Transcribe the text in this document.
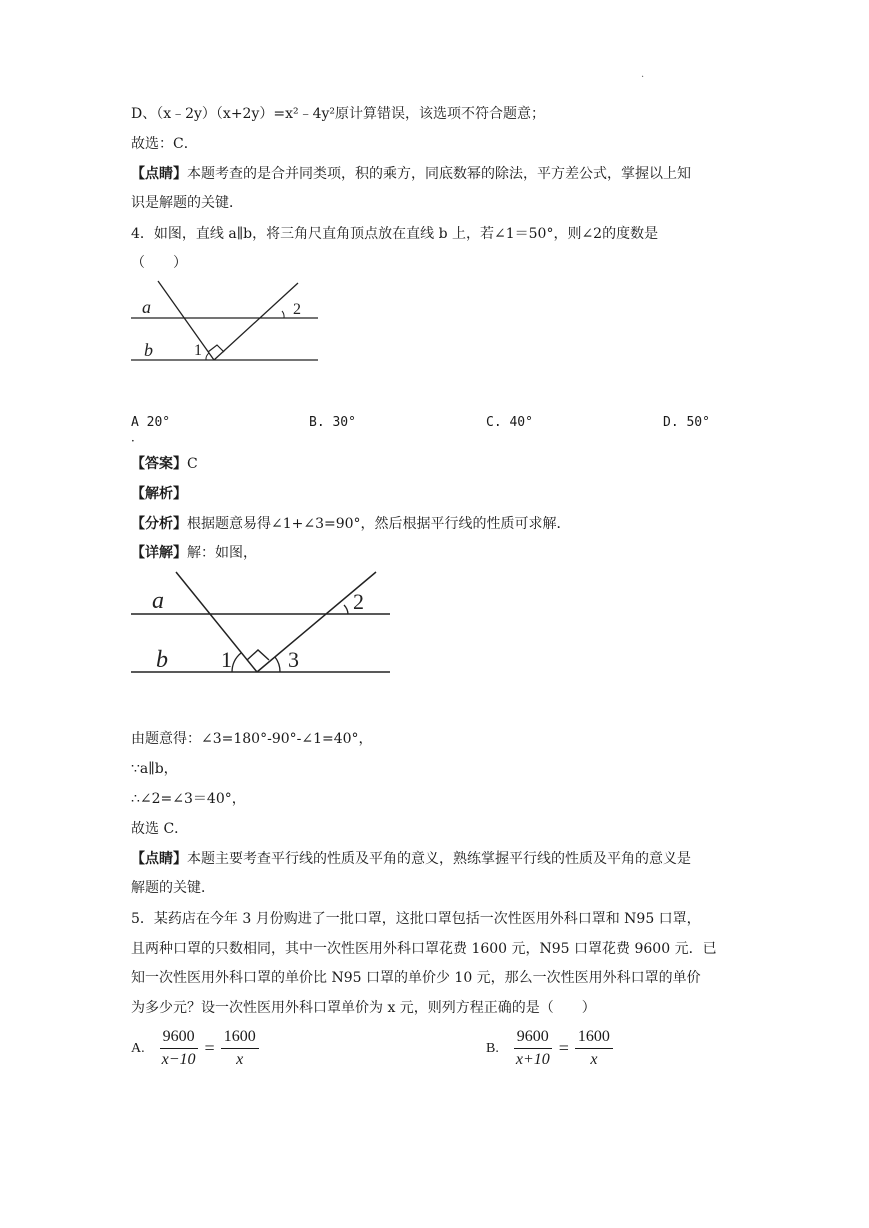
·
D、（x﹣2y）（x+2y）=x²﹣4y²原计算错误，该选项不符合题意；
故选：C．
【点睛】本题考查的是合并同类项，积的乘方，同底数幂的除法，平方差公式，掌握以上知
识是解题的关键．
4．如图，直线 a∥b，将三角尺直角顶点放在直线 b 上，若∠1＝50°，则∠2的度数是
（　　）
a
b	1
2
A 20°
．
B. 30°	C. 40°	D. 50°
【答案】C
【解析】
【分析】根据题意易得∠1+∠3=90°，然后根据平行线的性质可求解．
【详解】解：如图，
a
b 1	3
2
由题意得：∠3=180°-90°-∠1=40°，
∵a∥b，
∴∠2=∠3＝40°，
故选 C．
【点睛】本题主要考查平行线的性质及平角的意义，熟练掌握平行线的性质及平角的意义是
解题的关键．
5．某药店在今年 3 月份购进了一批口罩，这批口罩包括一次性医用外科口罩和 N95 口罩，
且两种口罩的只数相同，其中一次性医用外科口罩花费 1600 元，N95 口罩花费 9600 元．已
知一次性医用外科口罩的单价比 N95 口罩的单价少 10 元，那么一次性医用外科口罩的单价
为多少元？设一次性医用外科口罩单价为 x 元，则列方程正确的是（　　）
A. $\frac{9600}{x-10} = \frac{1600}{x}$	B. $\frac{9600}{x+10} = \frac{1600}{x}$
